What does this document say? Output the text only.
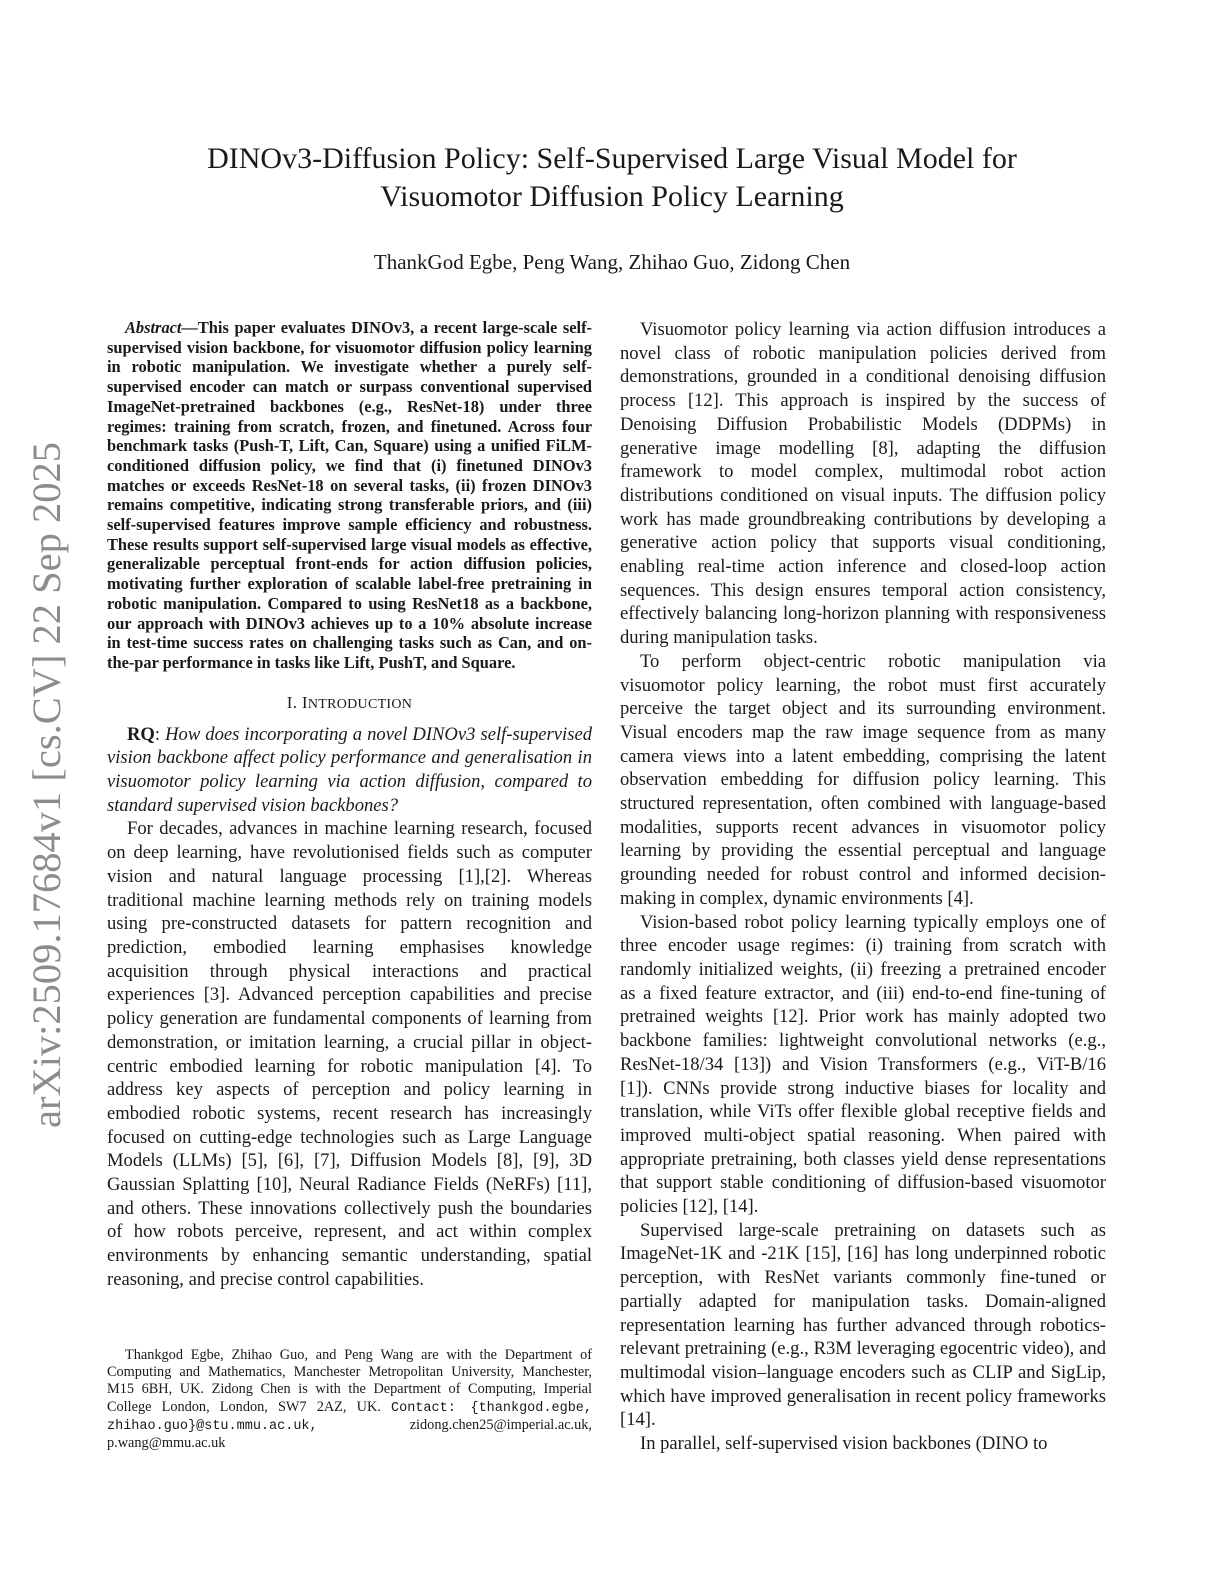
arXiv:2509.17684v1 [cs.CV] 22 Sep 2025
DINOv3-Diffusion Policy: Self-Supervised Large Visual Model for
Visuomotor Diffusion Policy Learning
ThankGod Egbe, Peng Wang, Zhihao Guo, Zidong Chen

Abstract—This paper evaluates DINOv3, a recent large-scale self-supervised vision backbone, for visuomotor diffusion policy learning in robotic manipulation. We investigate whether a purely self-supervised encoder can match or surpass conventional supervised ImageNet-pretrained backbones (e.g., ResNet-18) under three regimes: training from scratch, frozen, and finetuned. Across four benchmark tasks (Push-T, Lift, Can, Square) using a unified FiLM-conditioned diffusion policy, we find that (i) finetuned DINOv3 matches or exceeds ResNet-18 on several tasks, (ii) frozen DINOv3 remains competitive, indicating strong transferable priors, and (iii) self-supervised features improve sample efficiency and robustness. These results support self-supervised large visual models as effective, generalizable perceptual front-ends for action diffusion policies, motivating further exploration of scalable label-free pretraining in robotic manipulation. Compared to using ResNet18 as a backbone, our approach with DINOv3 achieves up to a 10% absolute increase in test-time success rates on challenging tasks such as Can, and on-the-par performance in tasks like Lift, PushT, and Square.

I. INTRODUCTION

RQ: How does incorporating a novel DINOv3 self-supervised vision backbone affect policy performance and generalisation in visuomotor policy learning via action diffusion, compared to standard supervised vision backbones?

For decades, advances in machine learning research, focused on deep learning, have revolutionised fields such as computer vision and natural language processing [1],[2]. Whereas traditional machine learning methods rely on training models using pre-constructed datasets for pattern recognition and prediction, embodied learning emphasises knowledge acquisition through physical interactions and practical experiences [3]. Advanced perception capabilities and precise policy generation are fundamental components of learning from demonstration, or imitation learning, a crucial pillar in object-centric embodied learning for robotic manipulation [4]. To address key aspects of perception and policy learning in embodied robotic systems, recent research has increasingly focused on cutting-edge technologies such as Large Language Models (LLMs) [5], [6], [7], Diffusion Models [8], [9], 3D Gaussian Splatting [10], Neural Radiance Fields (NeRFs) [11], and others. These innovations collectively push the boundaries of how robots perceive, represent, and act within complex environments by enhancing semantic understanding, spatial reasoning, and precise control capabilities.

Thankgod Egbe, Zhihao Guo, and Peng Wang are with the Department of Computing and Mathematics, Manchester Metropolitan University, Manchester, M15 6BH, UK. Zidong Chen is with the Department of Computing, Imperial College London, London, SW7 2AZ, UK. Contact: {thankgod.egbe, zhihao.guo}@stu.mmu.ac.uk,	zidong.chen25@imperial.ac.uk, p.wang@mmu.ac.uk

Visuomotor policy learning via action diffusion introduces a novel class of robotic manipulation policies derived from demonstrations, grounded in a conditional denoising diffusion process [12]. This approach is inspired by the success of Denoising Diffusion Probabilistic Models (DDPMs) in generative image modelling [8], adapting the diffusion framework to model complex, multimodal robot action distributions conditioned on visual inputs. The diffusion policy work has made groundbreaking contributions by developing a generative action policy that supports visual conditioning, enabling real-time action inference and closed-loop action sequences. This design ensures temporal action consistency, effectively balancing long-horizon planning with responsiveness during manipulation tasks.

To perform object-centric robotic manipulation via visuomotor policy learning, the robot must first accurately perceive the target object and its surrounding environment. Visual encoders map the raw image sequence from as many camera views into a latent embedding, comprising the latent observation embedding for diffusion policy learning. This structured representation, often combined with language-based modalities, supports recent advances in visuomotor policy learning by providing the essential perceptual and language grounding needed for robust control and informed decision-making in complex, dynamic environments [4].

Vision-based robot policy learning typically employs one of three encoder usage regimes: (i) training from scratch with randomly initialized weights, (ii) freezing a pretrained encoder as a fixed feature extractor, and (iii) end-to-end fine-tuning of pretrained weights [12]. Prior work has mainly adopted two backbone families: lightweight convolutional networks (e.g., ResNet-18/34 [13]) and Vision Transformers (e.g., ViT-B/16 [1]). CNNs provide strong inductive biases for locality and translation, while ViTs offer flexible global receptive fields and improved multi-object spatial reasoning. When paired with appropriate pretraining, both classes yield dense representations that support stable conditioning of diffusion-based visuomotor policies [12], [14].

Supervised large-scale pretraining on datasets such as ImageNet-1K and -21K [15], [16] has long underpinned robotic perception, with ResNet variants commonly fine-tuned or partially adapted for manipulation tasks. Domain-aligned representation learning has further advanced through robotics-relevant pretraining (e.g., R3M leveraging egocentric video), and multimodal vision–language encoders such as CLIP and SigLip, which have improved generalisation in recent policy frameworks [14].

In parallel, self-supervised vision backbones (DINO to
